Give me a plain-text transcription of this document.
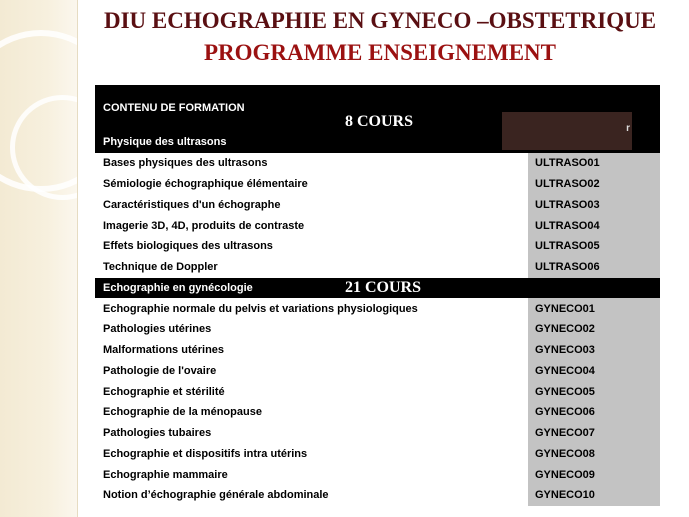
DIU ECHOGRAPHIE EN GYNECO –OBSTETRIQUE
PROGRAMME ENSEIGNEMENT
CONTENU DE FORMATION
8 COURS
Physique des ultrasons
r
Bases physiques des ultrasons	ULTRASO01
Sémiologie échographique élémentaire	ULTRASO02
Caractéristiques d'un échographe	ULTRASO03
Imagerie 3D, 4D, produits de contraste	ULTRASO04
Effets biologiques des ultrasons	ULTRASO05
Technique de Doppler	ULTRASO06
Echographie en gynécologie	21 COURS
Echographie normale du pelvis et variations physiologiques	GYNECO01
Pathologies utérines	GYNECO02
Malformations utérines	GYNECO03
Pathologie de l'ovaire	GYNECO04
Echographie et stérilité	GYNECO05
Echographie de la ménopause	GYNECO06
Pathologies tubaires	GYNECO07
Echographie et dispositifs intra utérins	GYNECO08
Echographie mammaire	GYNECO09
Notion d’échographie générale abdominale	GYNECO10
